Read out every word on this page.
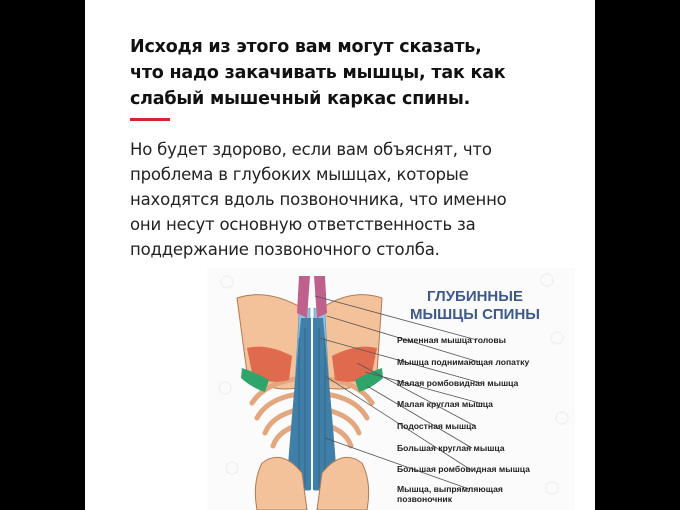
Исходя из этого вам могут сказать,
что надо закачивать мышцы, так как
слабый мышечный каркас спины.

Но будет здорово, если вам объяснят, что
проблема в глубоких мышцах, которые
находятся вдоль позвоночника, что именно
они несут основную ответственность за
поддержание позвоночного столба.

ГЛУБИННЫЕ
МЫШЦЫ СПИНЫ
Ременная мышца головы
Мышца поднимающая лопатку
Малая ромбовидная мышца
Малая круглая мышца
Подостная мышца
Большая круглая мышца
Большая ромбовидная мышца
Мышца, выпрямляющая
позвоночник
